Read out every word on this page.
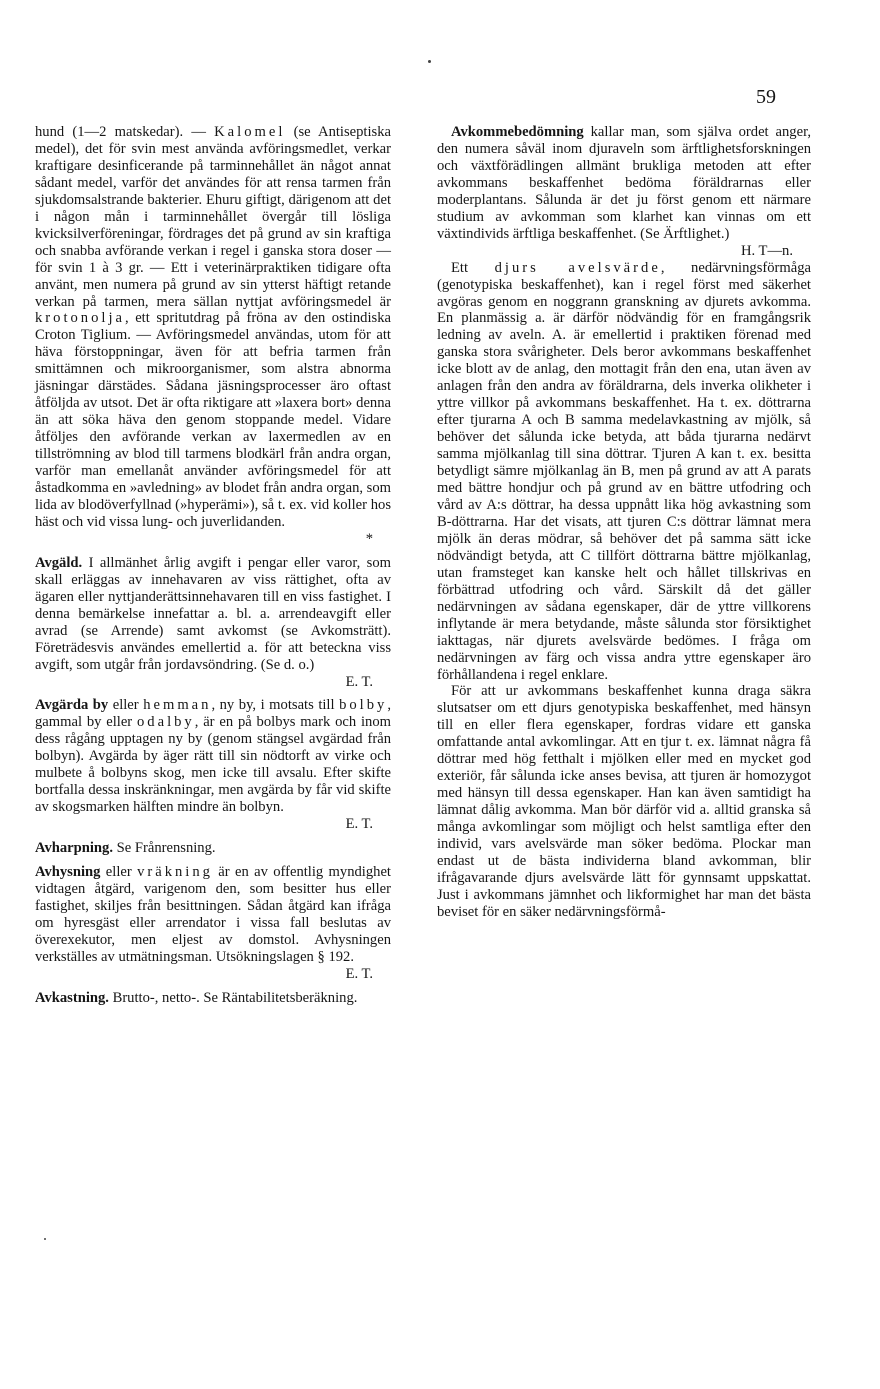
59

hund (1—2 matskedar). — Kalomel (se Antiseptiska medel), det för svin mest använda avföringsmedlet, verkar kraftigare desinficerande på tarminnehållet än något annat sådant medel, varför det användes för att rensa tarmen från sjukdomsalstrande bakterier. Ehuru giftigt, därigenom att det i någon mån i tarminnehållet övergår till lösliga kvicksilverföreningar, fördrages det på grund av sin kraftiga och snabba avförande verkan i regel i ganska stora doser — för svin 1 à 3 gr. — Ett i veterinärpraktiken tidigare ofta använt, men numera på grund av sin ytterst häftigt retande verkan på tarmen, mera sällan nyttjat avföringsmedel är krotonolja, ett spritutdrag på fröna av den ostindiska Croton Tiglium. — Avföringsmedel användas, utom för att häva förstoppningar, även för att befria tarmen från smittämnen och mikroorganismer, som alstra abnorma jäsningar därstädes. Sådana jäsningsprocesser äro oftast åtföljda av utsot. Det är ofta riktigare att »laxera bort» denna än att söka häva den genom stoppande medel. Vidare åtföljes den avförande verkan av laxermedlen av en tillströmning av blod till tarmens blodkärl från andra organ, varför man emellanåt använder avföringsmedel för att åstadkomma en »avledning» av blodet från andra organ, som lida av blodöverfyllnad (»hyperämi»), så t. ex. vid koller hos häst och vid vissa lung- och juverlidanden.
*

Avgäld. I allmänhet årlig avgift i pengar eller varor, som skall erläggas av innehavaren av viss rättighet, ofta av ägaren eller nyttjanderättsinnehavaren till en viss fastighet. I denna bemärkelse innefattar a. bl. a. arrendeavgift eller avrad (se Arrende) samt avkomst (se Avkomsträtt). Företrädesvis användes emellertid a. för att beteckna viss avgift, som utgår från jordavsöndring. (Se d. o.)
E. T.

Avgärda by eller hemman, ny by, i motsats till bolby, gammal by eller odalby, är en på bolbys mark och inom dess rågång upptagen ny by (genom stängsel avgärdad från bolbyn). Avgärda by äger rätt till sin nödtorft av virke och mulbete å bolbyns skog, men icke till avsalu. Efter skifte bortfalla dessa inskränkningar, men avgärda by får vid skifte av skogsmarken hälften mindre än bolbyn.
E. T.

Avharpning. Se Frånrensning.

Avhysning eller vräkning är en av offentlig myndighet vidtagen åtgärd, varigenom den, som besitter hus eller fastighet, skiljes från besittningen. Sådan åtgärd kan ifråga om hyresgäst eller arrendator i vissa fall beslutas av överexekutor, men eljest av domstol. Avhysningen verkställes av utmätningsman. Utsökningslagen § 192.
E. T.

Avkastning. Brutto-, netto-. Se Räntabilitetsberäkning.

Avkommebedömning kallar man, som själva ordet anger, den numera såväl inom djuraveln som ärftlighetsforskningen och växtförädlingen allmänt brukliga metoden att efter avkommans beskaffenhet bedöma föräldrarnas eller moderplantans. Sålunda är det ju först genom ett närmare studium av avkomman som klarhet kan vinnas om ett växtindivids ärftliga beskaffenhet. (Se Ärftlighet.)
H. T—n.

Ett djurs avelsvärde, nedärvningsförmåga (genotypiska beskaffenhet), kan i regel först med säkerhet avgöras genom en noggrann granskning av djurets avkomma. En planmässig a. är därför nödvändig för en framgångsrik ledning av aveln. A. är emellertid i praktiken förenad med ganska stora svårigheter. Dels beror avkommans beskaffenhet icke blott av de anlag, den mottagit från den ena, utan även av anlagen från den andra av föräldrarna, dels inverka olikheter i yttre villkor på avkommans beskaffenhet. Ha t. ex. döttrarna efter tjurarna A och B samma medelavkastning av mjölk, så behöver det sålunda icke betyda, att båda tjurarna nedärvt samma mjölkanlag till sina döttrar. Tjuren A kan t. ex. besitta betydligt sämre mjölkanlag än B, men på grund av att A parats med bättre hondjur och på grund av en bättre utfodring och vård av A:s döttrar, ha dessa uppnått lika hög avkastning som B-döttrarna. Har det visats, att tjuren C:s döttrar lämnat mera mjölk än deras mödrar, så behöver det på samma sätt icke nödvändigt betyda, att C tillfört döttrarna bättre mjölkanlag, utan framsteget kan kanske helt och hållet tillskrivas en förbättrad utfodring och vård. Särskilt då det gäller nedärvningen av sådana egenskaper, där de yttre villkorens inflytande är mera betydande, måste sålunda stor försiktighet iakttagas, när djurets avelsvärde bedömes. I fråga om nedärvningen av färg och vissa andra yttre egenskaper äro förhållandena i regel enklare.

För att ur avkommans beskaffenhet kunna draga säkra slutsatser om ett djurs genotypiska beskaffenhet, med hänsyn till en eller flera egenskaper, fordras vidare ett ganska omfattande antal avkomlingar. Att en tjur t. ex. lämnat några få döttrar med hög fetthalt i mjölken eller med en mycket god exteriör, får sålunda icke anses bevisa, att tjuren är homozygot med hänsyn till dessa egenskaper. Han kan även samtidigt ha lämnat dålig avkomma. Man bör därför vid a. alltid granska så många avkomlingar som möjligt och helst samtliga efter den individ, vars avelsvärde man söker bedöma. Plockar man endast ut de bästa individerna bland avkomman, blir ifrågavarande djurs avelsvärde lätt för gynnsamt uppskattat. Just i avkommans jämnhet och likformighet har man det bästa beviset för en säker nedärvningsförmå-
